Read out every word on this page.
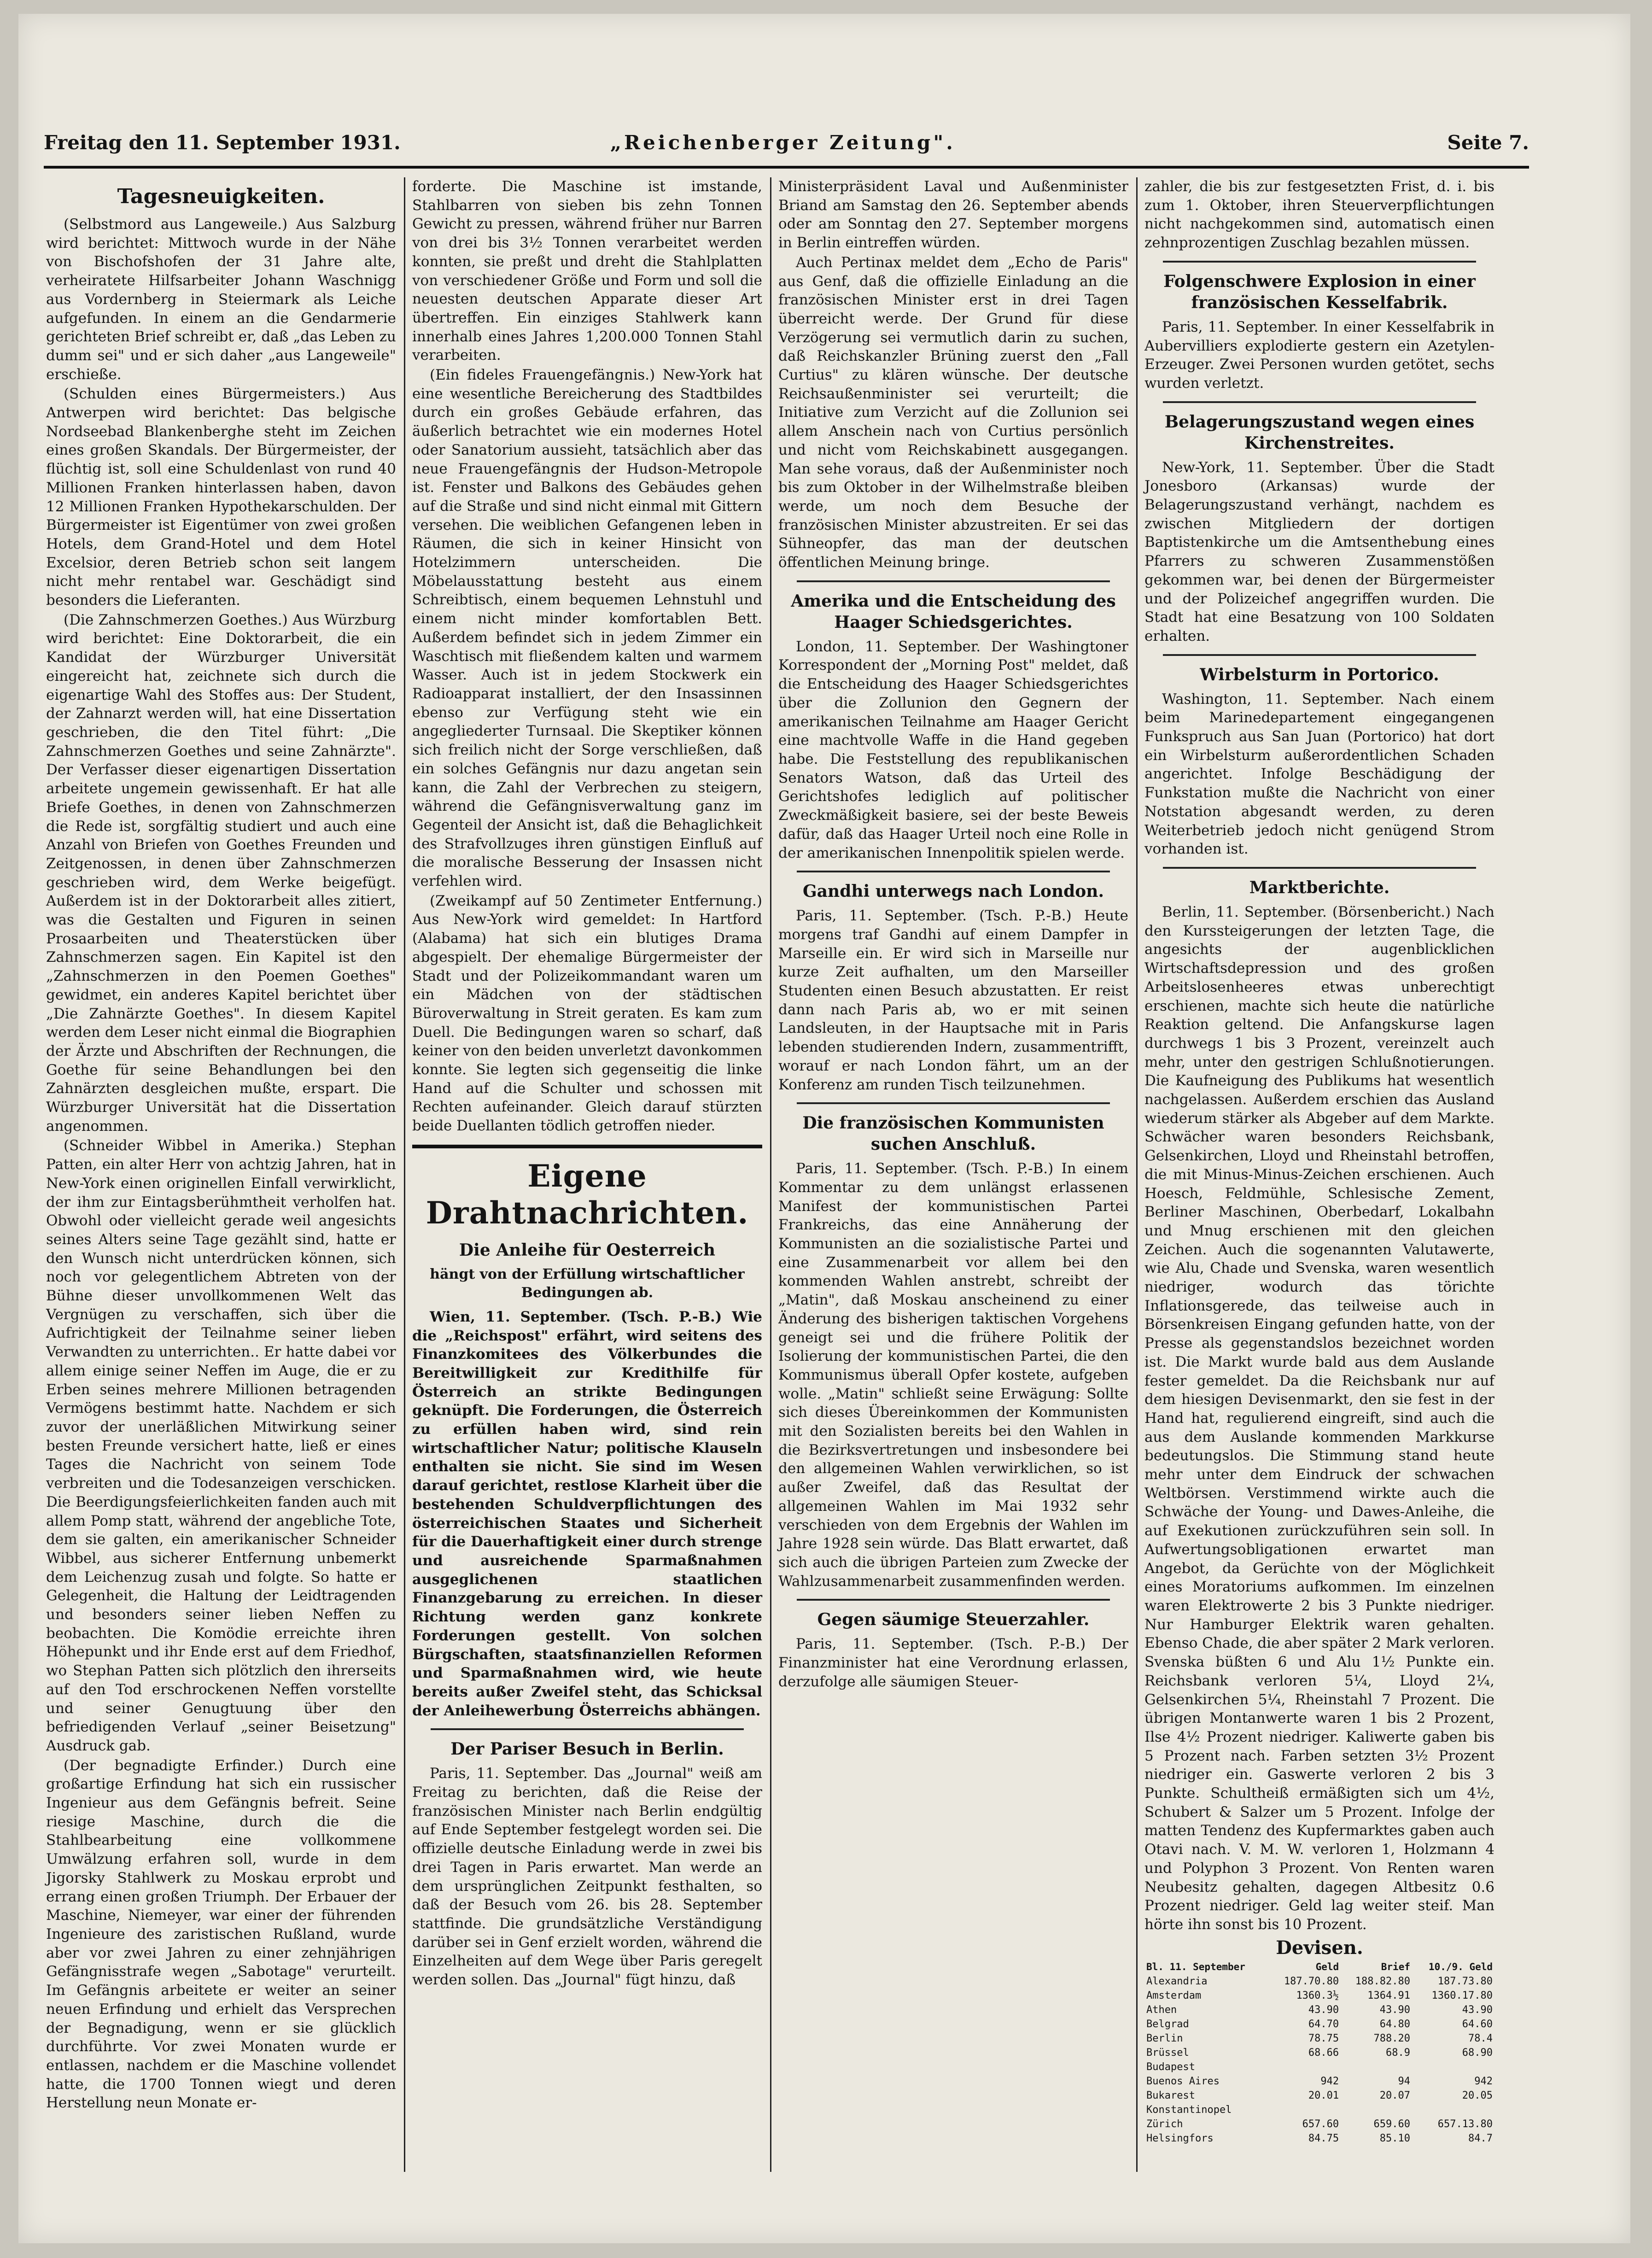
Freitag den 11. September 1931.	„Reichenberger Zeitung".	Seite 7.
Tagesneuigkeiten.

(Selbstmord aus Langeweile.) Aus Salzburg wird berichtet: Mittwoch wurde in der Nähe von Bischofshofen der 31 Jahre alte, verheiratete Hilfsarbeiter Johann Waschnigg aus Vordernberg in Steiermark als Leiche aufgefunden. In einem an die Gendarmerie gerichteten Brief schreibt er, daß „das Leben zu dumm sei" und er sich daher „aus Langeweile" erschieße.

(Schulden eines Bürgermeisters.) Aus Antwerpen wird berichtet: Das belgische Nordseebad Blankenberghe steht im Zeichen eines großen Skandals. Der Bürgermeister, der flüchtig ist, soll eine Schuldenlast von rund 40 Millionen Franken hinterlassen haben, davon 12 Millionen Franken Hypothekarschulden. Der Bürgermeister ist Eigentümer von zwei großen Hotels, dem Grand-Hotel und dem Hotel Excelsior, deren Betrieb schon seit langem nicht mehr rentabel war. Geschädigt sind besonders die Lieferanten.

(Die Zahnschmerzen Goethes.) Aus Würzburg wird berichtet: Eine Doktorarbeit, die ein Kandidat der Würzburger Universität eingereicht hat, zeichnete sich durch die eigenartige Wahl des Stoffes aus: Der Student, der Zahnarzt werden will, hat eine Dissertation geschrieben, die den Titel führt: „Die Zahnschmerzen Goethes und seine Zahnärzte". Der Verfasser dieser eigenartigen Dissertation arbeitete ungemein gewissenhaft. Er hat alle Briefe Goethes, in denen von Zahnschmerzen die Rede ist, sorgfältig studiert und auch eine Anzahl von Briefen von Goethes Freunden und Zeitgenossen, in denen über Zahnschmerzen geschrieben wird, dem Werke beigefügt. Außerdem ist in der Doktorarbeit alles zitiert, was die Gestalten und Figuren in seinen Prosaarbeiten und Theaterstücken über Zahnschmerzen sagen. Ein Kapitel ist den „Zahnschmerzen in den Poemen Goethes" gewidmet, ein anderes Kapitel berichtet über „Die Zahnärzte Goethes". In diesem Kapitel werden dem Leser nicht einmal die Biographien der Ärzte und Abschriften der Rechnungen, die Goethe für seine Behandlungen bei den Zahnärzten desgleichen mußte, erspart. Die Würzburger Universität hat die Dissertation angenommen.

(Schneider Wibbel in Amerika.) Stephan Patten, ein alter Herr von achtzig Jahren, hat in New-York einen originellen Einfall verwirklicht, der ihm zur Eintagsberühmtheit verholfen hat. Obwohl oder vielleicht gerade weil angesichts seines Alters seine Tage gezählt sind, hatte er den Wunsch nicht unterdrücken können, sich noch vor gelegentlichem Abtreten von der Bühne dieser unvollkommenen Welt das Vergnügen zu verschaffen, sich über die Aufrichtigkeit der Teilnahme seiner lieben Verwandten zu unterrichten.. Er hatte dabei vor allem einige seiner Neffen im Auge, die er zu Erben seines mehrere Millionen betragenden Vermögens bestimmt hatte. Nachdem er sich zuvor der unerläßlichen Mitwirkung seiner besten Freunde versichert hatte, ließ er eines Tages die Nachricht von seinem Tode verbreiten und die Todesanzeigen verschicken. Die Beerdigungsfeierlichkeiten fanden auch mit allem Pomp statt, während der angebliche Tote, dem sie galten, ein amerikanischer Schneider Wibbel, aus sicherer Entfernung unbemerkt dem Leichenzug zusah und folgte. So hatte er Gelegenheit, die Haltung der Leidtragenden und besonders seiner lieben Neffen zu beobachten. Die Komödie erreichte ihren Höhepunkt und ihr Ende erst auf dem Friedhof, wo Stephan Patten sich plötzlich den ihrerseits auf den Tod erschrockenen Neffen vorstellte und seiner Genugtuung über den befriedigenden Verlauf „seiner Beisetzung" Ausdruck gab.

(Der begnadigte Erfinder.) Durch eine großartige Erfindung hat sich ein russischer Ingenieur aus dem Gefängnis befreit. Seine riesige Maschine, durch die die Stahlbearbeitung eine vollkommene Umwälzung erfahren soll, wurde in dem Jigorsky Stahlwerk zu Moskau erprobt und errang einen großen Triumph. Der Erbauer der Maschine, Niemeyer, war einer der führenden Ingenieure des zaristischen Rußland, wurde aber vor zwei Jahren zu einer zehnjährigen Gefängnisstrafe wegen „Sabotage" verurteilt. Im Gefängnis arbeitete er weiter an seiner neuen Erfindung und erhielt das Versprechen der Begnadigung, wenn er sie glücklich durchführte. Vor zwei Monaten wurde er entlassen, nachdem er die Maschine vollendet hatte, die 1700 Tonnen wiegt und deren Herstellung neun Monate er-

forderte. Die Maschine ist imstande, Stahlbarren von sieben bis zehn Tonnen Gewicht zu pressen, während früher nur Barren von drei bis 3½ Tonnen verarbeitet werden konnten, sie preßt und dreht die Stahlplatten von verschiedener Größe und Form und soll die neuesten deutschen Apparate dieser Art übertreffen. Ein einziges Stahlwerk kann innerhalb eines Jahres 1,200.000 Tonnen Stahl verarbeiten.

(Ein fideles Frauengefängnis.) New-York hat eine wesentliche Bereicherung des Stadtbildes durch ein großes Gebäude erfahren, das äußerlich betrachtet wie ein modernes Hotel oder Sanatorium aussieht, tatsächlich aber das neue Frauengefängnis der Hudson-Metropole ist. Fenster und Balkons des Gebäudes gehen auf die Straße und sind nicht einmal mit Gittern versehen. Die weiblichen Gefangenen leben in Räumen, die sich in keiner Hinsicht von Hotelzimmern unterscheiden. Die Möbelausstattung besteht aus einem Schreibtisch, einem bequemen Lehnstuhl und einem nicht minder komfortablen Bett. Außerdem befindet sich in jedem Zimmer ein Waschtisch mit fließendem kalten und warmem Wasser. Auch ist in jedem Stockwerk ein Radioapparat installiert, der den Insassinnen ebenso zur Verfügung steht wie ein angegliederter Turnsaal. Die Skeptiker können sich freilich nicht der Sorge verschließen, daß ein solches Gefängnis nur dazu angetan sein kann, die Zahl der Verbrechen zu steigern, während die Gefängnisverwaltung ganz im Gegenteil der Ansicht ist, daß die Behaglichkeit des Strafvollzuges ihren günstigen Einfluß auf die moralische Besserung der Insassen nicht verfehlen wird.

(Zweikampf auf 50 Zentimeter Entfernung.) Aus New-York wird gemeldet: In Hartford (Alabama) hat sich ein blutiges Drama abgespielt. Der ehemalige Bürgermeister der Stadt und der Polizeikommandant waren um ein Mädchen von der städtischen Büroverwaltung in Streit geraten. Es kam zum Duell. Die Bedingungen waren so scharf, daß keiner von den beiden unverletzt davonkommen konnte. Sie legten sich gegenseitig die linke Hand auf die Schulter und schossen mit Rechten aufeinander. Gleich darauf stürzten beide Duellanten tödlich getroffen nieder.

Eigene Drahtnachrichten.
Die Anleihe für Oesterreich
hängt von der Erfüllung wirtschaftlicher Bedingungen ab.

Wien, 11. September. (Tsch. P.-B.) Wie die „Reichspost" erfährt, wird seitens des Finanzkomitees des Völkerbundes die Bereitwilligkeit zur Kredithilfe für Österreich an strikte Bedingungen geknüpft. Die Forderungen, die Österreich zu erfüllen haben wird, sind rein wirtschaftlicher Natur; politische Klauseln enthalten sie nicht. Sie sind im Wesen darauf gerichtet, restlose Klarheit über die bestehenden Schuldverpflichtungen des österreichischen Staates und Sicherheit für die Dauerhaftigkeit einer durch strenge und ausreichende Sparmaßnahmen ausgeglichenen staatlichen Finanzgebarung zu erreichen. In dieser Richtung werden ganz konkrete Forderungen gestellt. Von solchen Bürgschaften, staatsfinanziellen Reformen und Sparmaßnahmen wird, wie heute bereits außer Zweifel steht, das Schicksal der Anleihewerbung Österreichs abhängen.

Der Pariser Besuch in Berlin.

Paris, 11. September. Das „Journal" weiß am Freitag zu berichten, daß die Reise der französischen Minister nach Berlin endgültig auf Ende September festgelegt worden sei. Die offizielle deutsche Einladung werde in zwei bis drei Tagen in Paris erwartet. Man werde an dem ursprünglichen Zeitpunkt festhalten, so daß der Besuch vom 26. bis 28. September stattfinde. Die grundsätzliche Verständigung darüber sei in Genf erzielt worden, während die Einzelheiten auf dem Wege über Paris geregelt werden sollen. Das „Journal" fügt hinzu, daß

Ministerpräsident Laval und Außenminister Briand am Samstag den 26. September abends oder am Sonntag den 27. September morgens in Berlin eintreffen würden.

Auch Pertinax meldet dem „Echo de Paris" aus Genf, daß die offizielle Einladung an die französischen Minister erst in drei Tagen überreicht werde. Der Grund für diese Verzögerung sei vermutlich darin zu suchen, daß Reichskanzler Brüning zuerst den „Fall Curtius" zu klären wünsche. Der deutsche Reichsaußenminister sei verurteilt; die Initiative zum Verzicht auf die Zollunion sei allem Anschein nach von Curtius persönlich und nicht vom Reichskabinett ausgegangen. Man sehe voraus, daß der Außenminister noch bis zum Oktober in der Wilhelmstraße bleiben werde, um noch dem Besuche der französischen Minister abzustreiten. Er sei das Sühneopfer, das man der deutschen öffentlichen Meinung bringe.

Amerika und die Entscheidung des Haager Schiedsgerichtes.

London, 11. September. Der Washingtoner Korrespondent der „Morning Post" meldet, daß die Entscheidung des Haager Schiedsgerichtes über die Zollunion den Gegnern der amerikanischen Teilnahme am Haager Gericht eine machtvolle Waffe in die Hand gegeben habe. Die Feststellung des republikanischen Senators Watson, daß das Urteil des Gerichtshofes lediglich auf politischer Zweckmäßigkeit basiere, sei der beste Beweis dafür, daß das Haager Urteil noch eine Rolle in der amerikanischen Innenpolitik spielen werde.

Gandhi unterwegs nach London.

Paris, 11. September. (Tsch. P.-B.) Heute morgens traf Gandhi auf einem Dampfer in Marseille ein. Er wird sich in Marseille nur kurze Zeit aufhalten, um den Marseiller Studenten einen Besuch abzustatten. Er reist dann nach Paris ab, wo er mit seinen Landsleuten, in der Hauptsache mit in Paris lebenden studierenden Indern, zusammentrifft, worauf er nach London fährt, um an der Konferenz am runden Tisch teilzunehmen.

Die französischen Kommunisten suchen Anschluß.

Paris, 11. September. (Tsch. P.-B.) In einem Kommentar zu dem unlängst erlassenen Manifest der kommunistischen Partei Frankreichs, das eine Annäherung der Kommunisten an die sozialistische Partei und eine Zusammenarbeit vor allem bei den kommenden Wahlen anstrebt, schreibt der „Matin", daß Moskau anscheinend zu einer Änderung des bisherigen taktischen Vorgehens geneigt sei und die frühere Politik der Isolierung der kommunistischen Partei, die den Kommunismus überall Opfer kostete, aufgeben wolle. „Matin" schließt seine Erwägung: Sollte sich dieses Übereinkommen der Kommunisten mit den Sozialisten bereits bei den Wahlen in die Bezirksvertretungen und insbesondere bei den allgemeinen Wahlen verwirklichen, so ist außer Zweifel, daß das Resultat der allgemeinen Wahlen im Mai 1932 sehr verschieden von dem Ergebnis der Wahlen im Jahre 1928 sein würde. Das Blatt erwartet, daß sich auch die übrigen Parteien zum Zwecke der Wahlzusammenarbeit zusammenfinden werden.

Gegen säumige Steuerzahler.

Paris, 11. September. (Tsch. P.-B.) Der Finanzminister hat eine Verordnung erlassen, derzufolge alle säumigen Steuer-

zahler, die bis zur festgesetzten Frist, d. i. bis zum 1. Oktober, ihren Steuerverpflichtungen nicht nachgekommen sind, automatisch einen zehnprozentigen Zuschlag bezahlen müssen.

Folgenschwere Explosion in einer französischen Kesselfabrik.

Paris, 11. September. In einer Kesselfabrik in Aubervilliers explodierte gestern ein Azetylen-Erzeuger. Zwei Personen wurden getötet, sechs wurden verletzt.

Belagerungszustand wegen eines Kirchenstreites.

New-York, 11. September. Über die Stadt Jonesboro (Arkansas) wurde der Belagerungszustand verhängt, nachdem es zwischen Mitgliedern der dortigen Baptistenkirche um die Amtsenthebung eines Pfarrers zu schweren Zusammenstößen gekommen war, bei denen der Bürgermeister und der Polizeichef angegriffen wurden. Die Stadt hat eine Besatzung von 100 Soldaten erhalten.

Wirbelsturm in Portorico.

Washington, 11. September. Nach einem beim Marinedepartement eingegangenen Funkspruch aus San Juan (Portorico) hat dort ein Wirbelsturm außerordentlichen Schaden angerichtet. Infolge Beschädigung der Funkstation mußte die Nachricht von einer Notstation abgesandt werden, zu deren Weiterbetrieb jedoch nicht genügend Strom vorhanden ist.

Marktberichte.

Berlin, 11. September. (Börsenbericht.) Nach den Kurssteigerungen der letzten Tage, die angesichts der augenblicklichen Wirtschaftsdepression und des großen Arbeitslosenheeres etwas unberechtigt erschienen, machte sich heute die natürliche Reaktion geltend. Die Anfangskurse lagen durchwegs 1 bis 3 Prozent, vereinzelt auch mehr, unter den gestrigen Schlußnotierungen. Die Kaufneigung des Publikums hat wesentlich nachgelassen. Außerdem erschien das Ausland wiederum stärker als Abgeber auf dem Markte. Schwächer waren besonders Reichsbank, Gelsenkirchen, Lloyd und Rheinstahl betroffen, die mit Minus-Minus-Zeichen erschienen. Auch Hoesch, Feldmühle, Schlesische Zement, Berliner Maschinen, Oberbedarf, Lokalbahn und Mnug erschienen mit den gleichen Zeichen. Auch die sogenannten Valutawerte, wie Alu, Chade und Svenska, waren wesentlich niedriger, wodurch das törichte Inflationsgerede, das teilweise auch in Börsenkreisen Eingang gefunden hatte, von der Presse als gegenstandslos bezeichnet worden ist. Die Markt wurde bald aus dem Auslande fester gemeldet. Da die Reichsbank nur auf dem hiesigen Devisenmarkt, den sie fest in der Hand hat, regulierend eingreift, sind auch die aus dem Auslande kommenden Markkurse bedeutungslos. Die Stimmung stand heute mehr unter dem Eindruck der schwachen Weltbörsen. Verstimmend wirkte auch die Schwäche der Young- und Dawes-Anleihe, die auf Exekutionen zurückzuführen sein soll. In Aufwertungsobligationen erwartet man Angebot, da Gerüchte von der Möglichkeit eines Moratoriums aufkommen. Im einzelnen waren Elektrowerte 2 bis 3 Punkte niedriger. Nur Hamburger Elektrik waren gehalten. Ebenso Chade, die aber später 2 Mark verloren. Svenska büßten 6 und Alu 1½ Punkte ein. Reichsbank verloren 5¼, Lloyd 2¼, Gelsenkirchen 5¼, Rheinstahl 7 Prozent. Die übrigen Montanwerte waren 1 bis 2 Prozent, Ilse 4½ Prozent niedriger. Kaliwerte gaben bis 5 Prozent nach. Farben setzten 3½ Prozent niedriger ein. Gaswerte verloren 2 bis 3 Punkte. Schultheiß ermäßigten sich um 4½, Schubert & Salzer um 5 Prozent. Infolge der matten Tendenz des Kupfermarktes gaben auch Otavi nach. V. M. W. verloren 1, Holzmann 4 und Polyphon 3 Prozent. Von Renten waren Neubesitz gehalten, dagegen Altbesitz 0.6 Prozent niedriger. Geld lag weiter steif. Man hörte ihn sonst bis 10 Prozent.

Devisen.
Bl. 11. September	Geld	Brief	10./9. Geld
Alexandria	187.70.80	188.82.80	187.73.80
Amsterdam	1360.3½	1364.91	1360.17.80
Athen	43.90	43.90	43.90
Belgrad	64.70	64.80	64.60
Berlin	78.75	788.20	78.4
Brüssel	68.66	68.9	68.90
Budapest			
Buenos Aires	942	94	942
Bukarest	20.01	20.07	20.05
Konstantinopel			
Zürich	657.60	659.60	657.13.80
Helsingfors	84.75	85.10	84.7
